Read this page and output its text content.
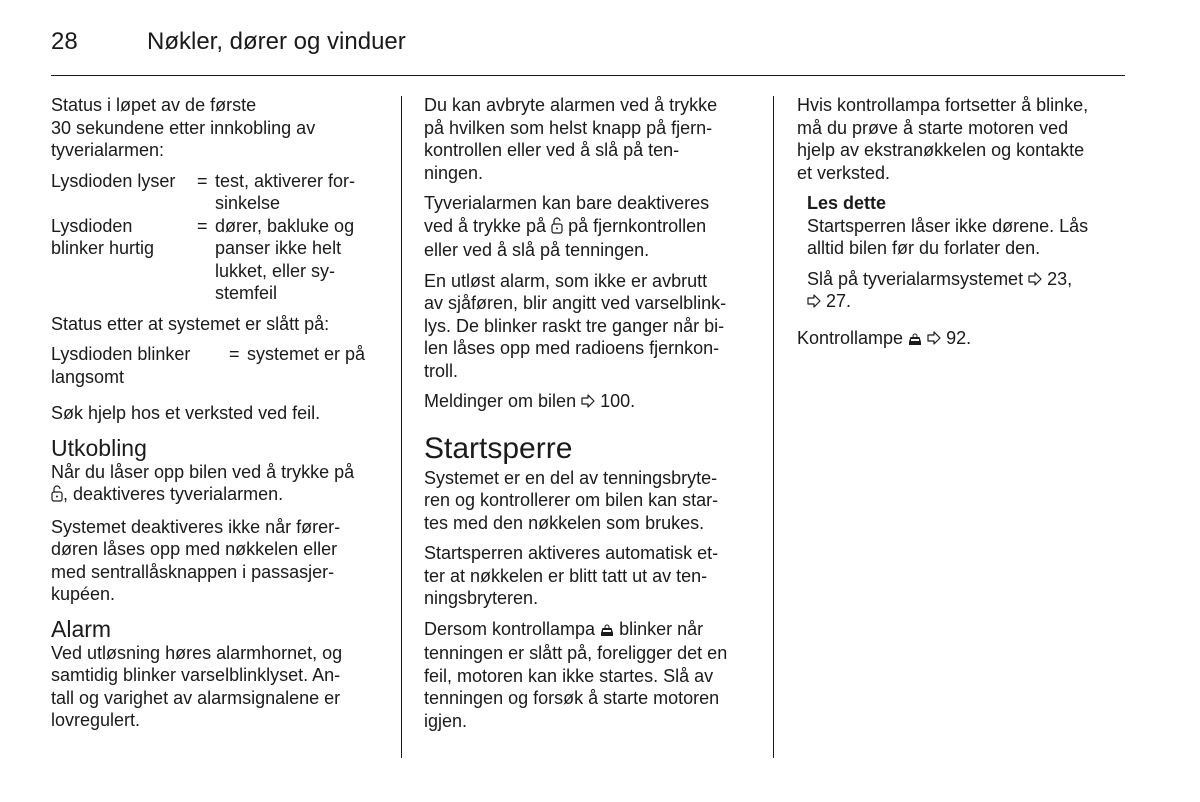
28	Nøkler, dører og vinduer

Status i løpet av de første
30 sekundene etter innkobling av
tyverialarmen:

Lysdioden lyser	= test, aktiverer for-
sinkelse
Lysdioden
blinker hurtig
= dører, bakluke og
panser ikke helt
lukket, eller sy-
stemfeil

Status etter at systemet er slått på:

Lysdioden blinker
langsomt
= systemet er på

Søk hjelp hos et verksted ved feil.

Utkobling

Når du låser opp bilen ved å trykke på
, deaktiveres tyverialarmen.

Systemet deaktiveres ikke når fører-
døren låses opp med nøkkelen eller
med sentrallåsknappen i passasjer-
kupéen.

Alarm

Ved utløsning høres alarmhornet, og
samtidig blinker varselblinklyset. An-
tall og varighet av alarmsignalene er
lovregulert.

Du kan avbryte alarmen ved å trykke
på hvilken som helst knapp på fjern-
kontrollen eller ved å slå på ten-
ningen.

Tyverialarmen kan bare deaktiveres
ved å trykke på  på fjernkontrollen
eller ved å slå på tenningen.

En utløst alarm, som ikke er avbrutt
av sjåføren, blir angitt ved varselblink-
lys. De blinker raskt tre ganger når bi-
len låses opp med radioens fjernkon-
troll.

Meldinger om bilen  100.

Startsperre

Systemet er en del av tenningsbryte-
ren og kontrollerer om bilen kan star-
tes med den nøkkelen som brukes.

Startsperren aktiveres automatisk et-
ter at nøkkelen er blitt tatt ut av ten-
ningsbryteren.

Dersom kontrollampa  blinker når
tenningen er slått på, foreligger det en
feil, motoren kan ikke startes. Slå av
tenningen og forsøk å starte motoren
igjen.

Hvis kontrollampa fortsetter å blinke,
må du prøve å starte motoren ved
hjelp av ekstranøkkelen og kontakte
et verksted.

Les dette

Startsperren låser ikke dørene. Lås
alltid bilen før du forlater den.

Slå på tyverialarmsystemet  23,
27.

Kontrollampe   92.
